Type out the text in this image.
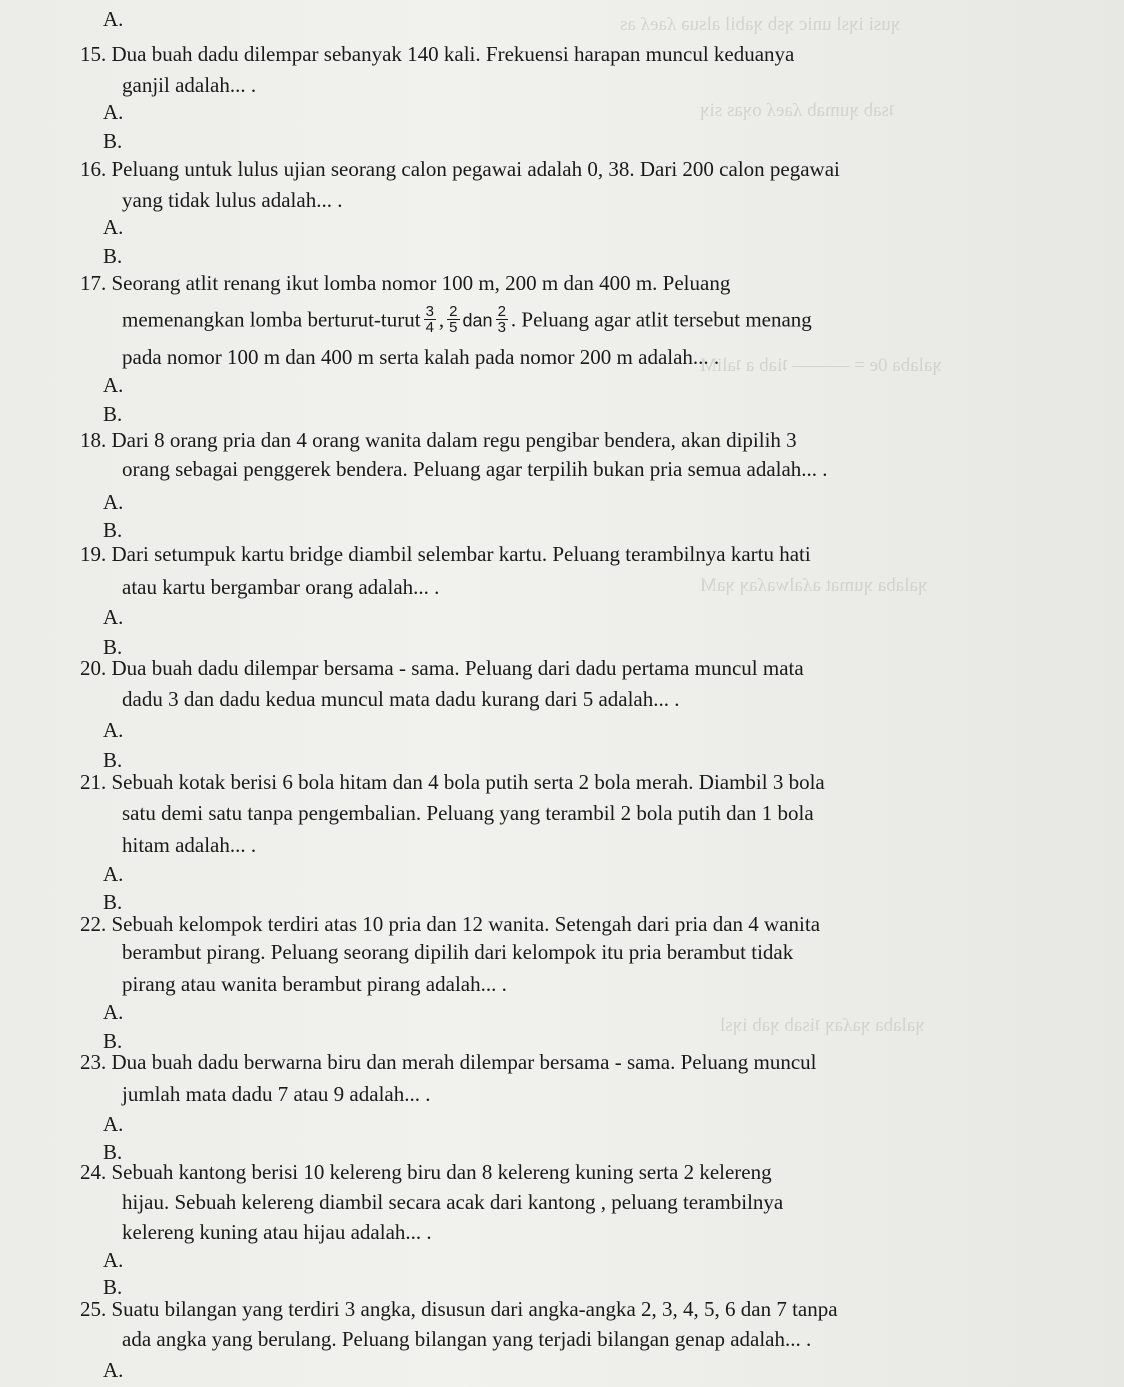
ʞusi iʞsl unic ʞsb ʞabil alsuə ʎaeʎ as
ʇsab ʞumab ʎaeʎ oʞas siʞ
ʞalaba 0e = ——— ʇiab a ʇaliM
ʞalaba ʞumat aʎalwaʎaʞ ʞaM
ʞalaba ʞaʎaʞ ʇisab ʞab iʞsl
A.
15. Dua buah dadu dilempar sebanyak 140 kali. Frekuensi harapan muncul keduanya
ganjil adalah... .
A.
B.
16. Peluang untuk lulus ujian seorang calon pegawai adalah 0, 38. Dari 200 calon pegawai
yang tidak lulus adalah... .
A.
B.
17. Seorang atlit renang ikut lomba nomor 100 m, 200 m dan 400 m. Peluang
memenangkan lomba berturut-turut $\frac{3}{4}$ , $\frac{2}{5}$ dan $\frac{2}{3}$ . Peluang agar atlit tersebut menang
pada nomor 100 m dan 400 m serta kalah pada nomor 200 m adalah... .
A.
B.
18. Dari 8 orang pria dan 4 orang wanita dalam regu pengibar bendera, akan dipilih 3
orang sebagai penggerek bendera. Peluang agar terpilih bukan pria semua adalah... .
A.
B.
19. Dari setumpuk kartu bridge diambil selembar kartu. Peluang terambilnya kartu hati
atau kartu bergambar orang adalah... .
A.
B.
20. Dua buah dadu dilempar bersama - sama. Peluang dari dadu pertama muncul mata
dadu 3 dan dadu kedua muncul mata dadu kurang dari 5 adalah... .
A.
B.
21. Sebuah kotak berisi 6 bola hitam dan 4 bola putih serta 2 bola merah. Diambil 3 bola
satu demi satu tanpa pengembalian. Peluang yang terambil 2 bola putih dan 1 bola
hitam adalah... .
A.
B.
22. Sebuah kelompok terdiri atas 10 pria dan 12 wanita. Setengah dari pria dan 4 wanita
berambut pirang. Peluang seorang dipilih dari kelompok itu pria berambut tidak
pirang atau wanita berambut pirang adalah... .
A.
B.
23. Dua buah dadu berwarna biru dan merah dilempar bersama - sama. Peluang muncul
jumlah mata dadu 7 atau 9 adalah... .
A.
B.
24. Sebuah kantong berisi 10 kelereng biru dan 8 kelereng kuning serta 2 kelereng
hijau. Sebuah kelereng diambil secara acak dari kantong , peluang terambilnya
kelereng kuning atau hijau adalah... .
A.
B.
25. Suatu bilangan yang terdiri 3 angka, disusun dari angka-angka 2, 3, 4, 5, 6 dan 7 tanpa
ada angka yang berulang. Peluang bilangan yang terjadi bilangan genap adalah... .
A.
